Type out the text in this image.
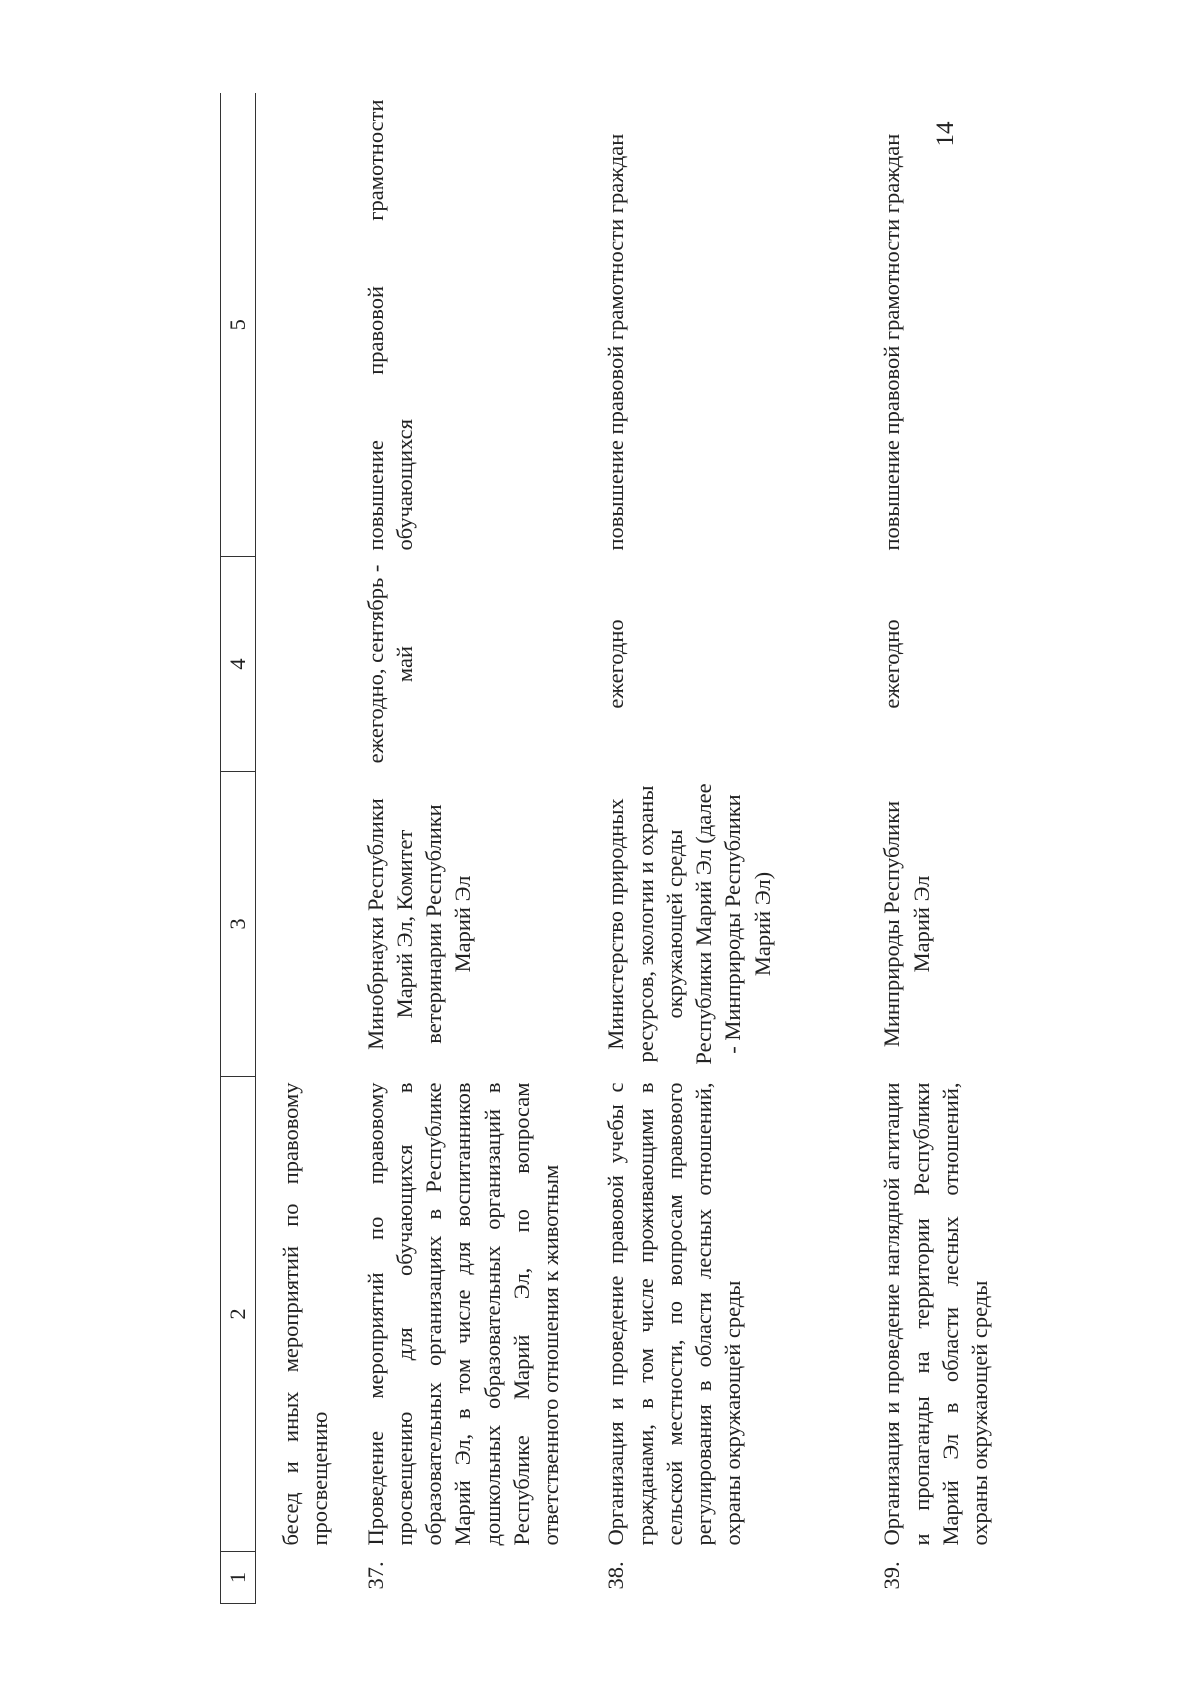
14
1	2	3	4	5
	бесед и иных мероприятий по правовому просвещению			
37.	Проведение мероприятий по правовому просвещению для обучающихся в образовательных организациях в Республике Марий Эл, в том числе для воспитанников дошкольных образовательных организаций в Республике Марий Эл, по вопросам ответственного отношения к животным	Минобрнауки Республики Марий Эл, Комитет ветеринарии Республики Марий Эл	ежегодно, сентябрь - май	повышение правовой грамотности обучающихся
38.	Организация и проведение правовой учебы с гражданами, в том числе проживающими в сельской местности, по вопросам правового регулирования в области лесных отношений, охраны окружающей среды	Министерство природных ресурсов, экологии и охраны окружающей среды Республики Марий Эл (далее - Минприроды Республики Марий Эл)	ежегодно	повышение правовой грамотности граждан
39.	Организация и проведение наглядной агитации и пропаганды на территории Республики Марий Эл в области лесных отношений, охраны окружающей среды	Минприроды Республики Марий Эл	ежегодно	повышение правовой грамотности граждан
